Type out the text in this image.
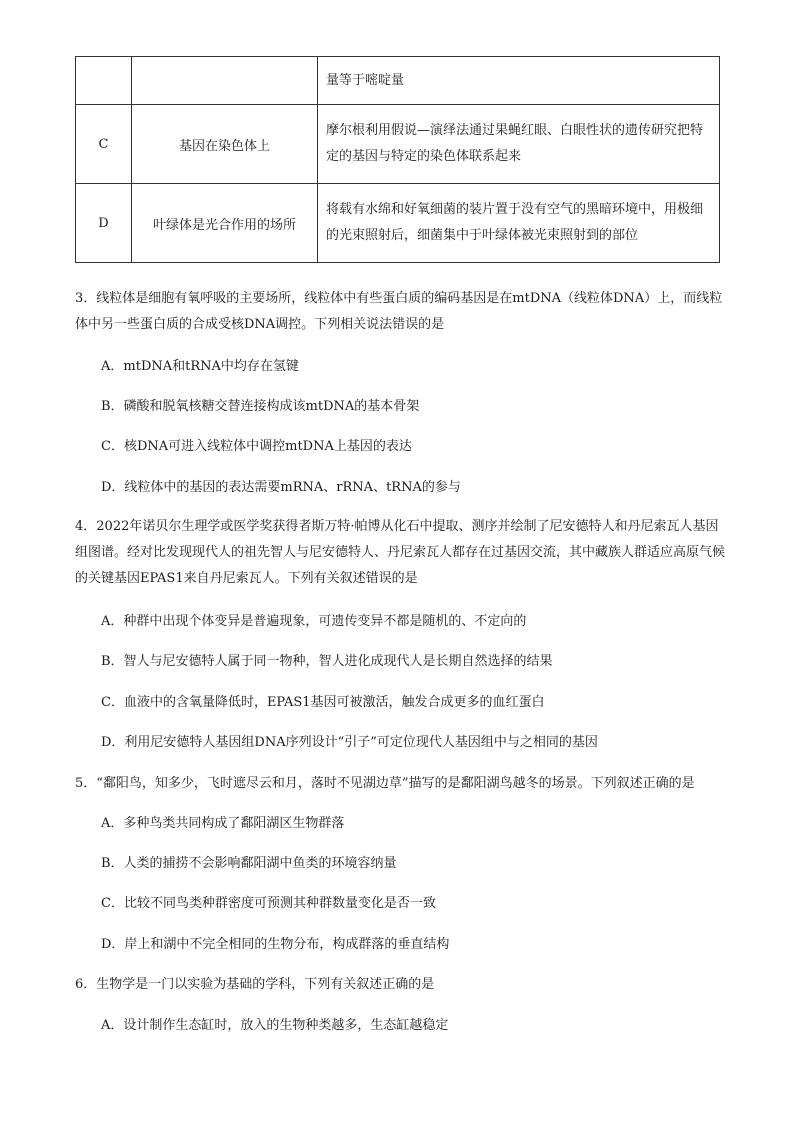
		量等于嘧啶量
C	基因在染色体上	摩尔根利用假说—演绎法通过果蝇红眼、白眼性状的遗传研究把特定的基因与特定的染色体联系起来
D	叶绿体是光合作用的场所	将载有水绵和好氧细菌的装片置于没有空气的黑暗环境中，用极细的光束照射后，细菌集中于叶绿体被光束照射到的部位
3．线粒体是细胞有氧呼吸的主要场所，线粒体中有些蛋白质的编码基因是在mtDNA（线粒体DNA）上，而线粒体中另一些蛋白质的合成受核DNA调控。下列相关说法错误的是
A．mtDNA和tRNA中均存在氢键
B．磷酸和脱氧核糖交替连接构成该mtDNA的基本骨架
C．核DNA可进入线粒体中调控mtDNA上基因的表达
D．线粒体中的基因的表达需要mRNA、rRNA、tRNA的参与
4．2022年诺贝尔生理学或医学奖获得者斯万特·帕博从化石中提取、测序并绘制了尼安德特人和丹尼索瓦人基因组图谱。经对比发现现代人的祖先智人与尼安德特人、丹尼索瓦人都存在过基因交流，其中藏族人群适应高原气候的关键基因EPAS1来自丹尼索瓦人。下列有关叙述错误的是
A．种群中出现个体变异是普遍现象，可遗传变异不都是随机的、不定向的
B．智人与尼安德特人属于同一物种，智人进化成现代人是长期自然选择的结果
C．血液中的含氧量降低时，EPAS1基因可被激活，触发合成更多的血红蛋白
D．利用尼安德特人基因组DNA序列设计“引子”可定位现代人基因组中与之相同的基因
5．“鄱阳鸟，知多少，飞时遮尽云和月，落时不见湖边草”描写的是鄱阳湖鸟越冬的场景。下列叙述正确的是
A．多种鸟类共同构成了鄱阳湖区生物群落
B．人类的捕捞不会影响鄱阳湖中鱼类的环境容纳量
C．比较不同鸟类种群密度可预测其种群数量变化是否一致
D．岸上和湖中不完全相同的生物分布，构成群落的垂直结构
6．生物学是一门以实验为基础的学科，下列有关叙述正确的是
A．设计制作生态缸时，放入的生物种类越多，生态缸越稳定
